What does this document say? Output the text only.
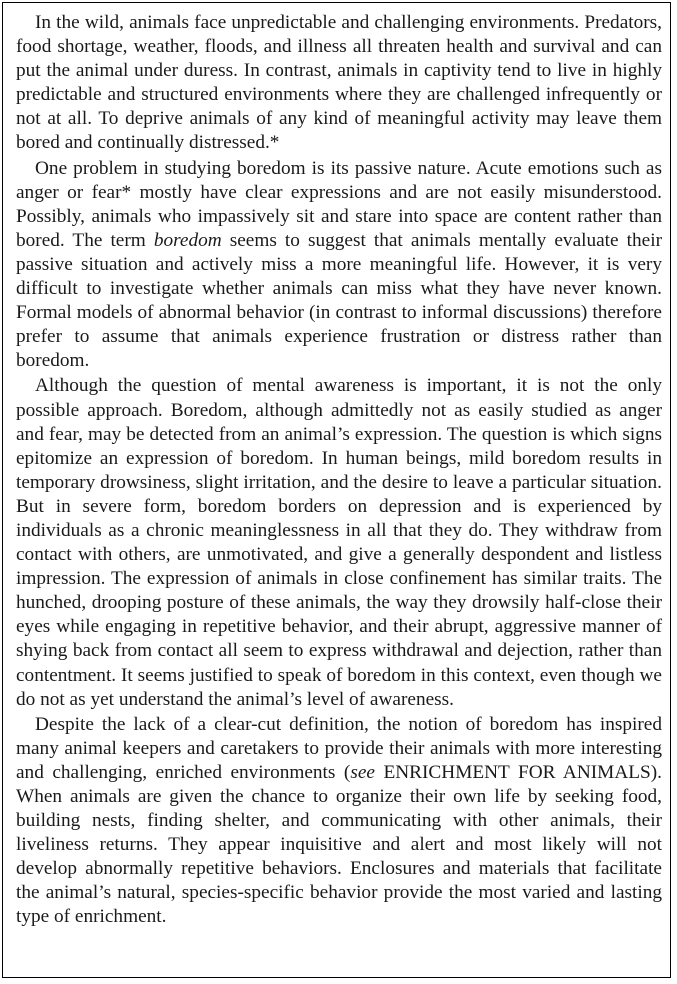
In the wild, animals face unpredictable and challenging environments. Predators, food shortage, weather, floods, and illness all threaten health and survival and can put the animal under duress. In contrast, animals in captivity tend to live in highly predictable and structured environments where they are challenged infrequently or not at all. To deprive animals of any kind of meaningful activity may leave them bored and continually distressed.*

One problem in studying boredom is its passive nature. Acute emotions such as anger or fear* mostly have clear expressions and are not easily misunderstood. Possibly, animals who impassively sit and stare into space are content rather than bored. The term boredom seems to suggest that animals mentally evaluate their passive situation and actively miss a more meaningful life. However, it is very difficult to investigate whether animals can miss what they have never known. Formal models of abnormal behavior (in contrast to informal discussions) therefore prefer to assume that animals experience frustration or distress rather than boredom.

Although the question of mental awareness is important, it is not the only possible approach. Boredom, although admittedly not as easily studied as anger and fear, may be detected from an animal’s expression. The question is which signs epitomize an expression of boredom. In human beings, mild boredom results in temporary drowsiness, slight irritation, and the desire to leave a particular situation. But in severe form, boredom borders on depression and is experienced by individuals as a chronic meaninglessness in all that they do. They withdraw from contact with others, are unmotivated, and give a generally despondent and listless impression. The expression of animals in close confinement has similar traits. The hunched, drooping posture of these animals, the way they drowsily half-close their eyes while engaging in repetitive behavior, and their abrupt, aggressive manner of shying back from contact all seem to express withdrawal and dejection, rather than contentment. It seems justified to speak of boredom in this context, even though we do not as yet understand the animal’s level of awareness.

Despite the lack of a clear-cut definition, the notion of boredom has inspired many animal keepers and caretakers to provide their animals with more interesting and challenging, enriched environments (see ENRICHMENT FOR ANIMALS). When animals are given the chance to organize their own life by seeking food, building nests, finding shelter, and communicating with other animals, their liveliness returns. They appear inquisitive and alert and most likely will not develop abnormally repetitive behaviors. Enclosures and materials that facilitate the animal’s natural, species-specific behavior provide the most varied and lasting type of enrichment.
